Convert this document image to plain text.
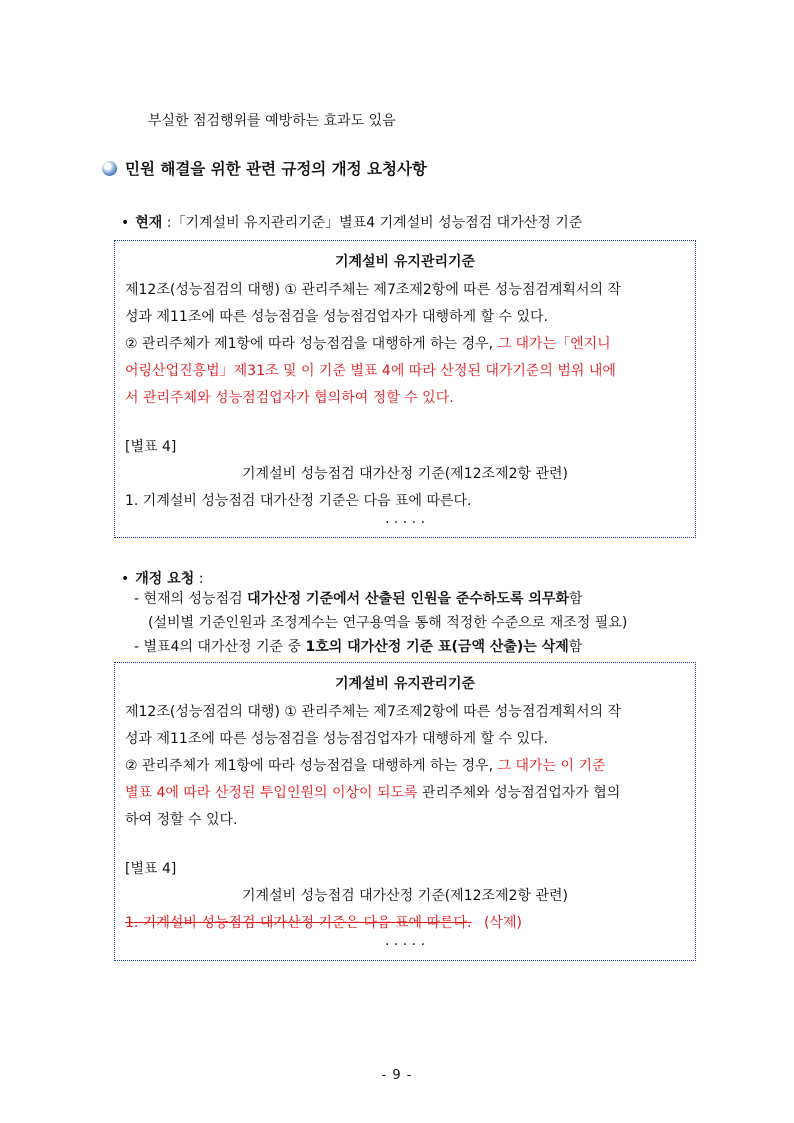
부실한 점검행위를 예방하는 효과도 있음
민원 해결을 위한 관련 규정의 개정 요청사항
• 현재 :「기계설비 유지관리기준」별표4 기계설비 성능점검 대가산정 기준
기계설비 유지관리기준
제12조(성능점검의 대행) ① 관리주체는 제7조제2항에 따른 성능점검계획서의 작
성과 제11조에 따른 성능점검을 성능점검업자가 대행하게 할 수 있다.
② 관리주체가 제1항에 따라 성능점검을 대행하게 하는 경우, 그 대가는「엔지니
어링산업진흥법」제31조 및 이 기준 별표 4에 따라 산정된 대가기준의 범위 내에
서 관리주체와 성능점검업자가 협의하여 정할 수 있다.
[별표 4]
기계설비 성능점검 대가산정 기준(제12조제2항 관련)
1. 기계설비 성능점검 대가산정 기준은 다음 표에 따른다.
· · · · ·
• 개정 요청 :
- 현재의 성능점검 대가산정 기준에서 산출된 인원을 준수하도록 의무화함
(설비별 기준인원과 조정계수는 연구용역을 통해 적정한 수준으로 재조정 필요)
- 별표4의 대가산정 기준 중 1호의 대가산정 기준 표(금액 산출)는 삭제함
기계설비 유지관리기준
제12조(성능점검의 대행) ① 관리주체는 제7조제2항에 따른 성능점검계획서의 작
성과 제11조에 따른 성능점검을 성능점검업자가 대행하게 할 수 있다.
② 관리주체가 제1항에 따라 성능점검을 대행하게 하는 경우, 그 대가는 이 기준
별표 4에 따라 산정된 투입인원의 이상이 되도록 관리주체와 성능점검업자가 협의
하여 정할 수 있다.
[별표 4]
기계설비 성능점검 대가산정 기준(제12조제2항 관련)
1. 기계설비 성능점검 대가산정 기준은 다음 표에 따른다. (삭제)
· · · · ·
- 9 -
